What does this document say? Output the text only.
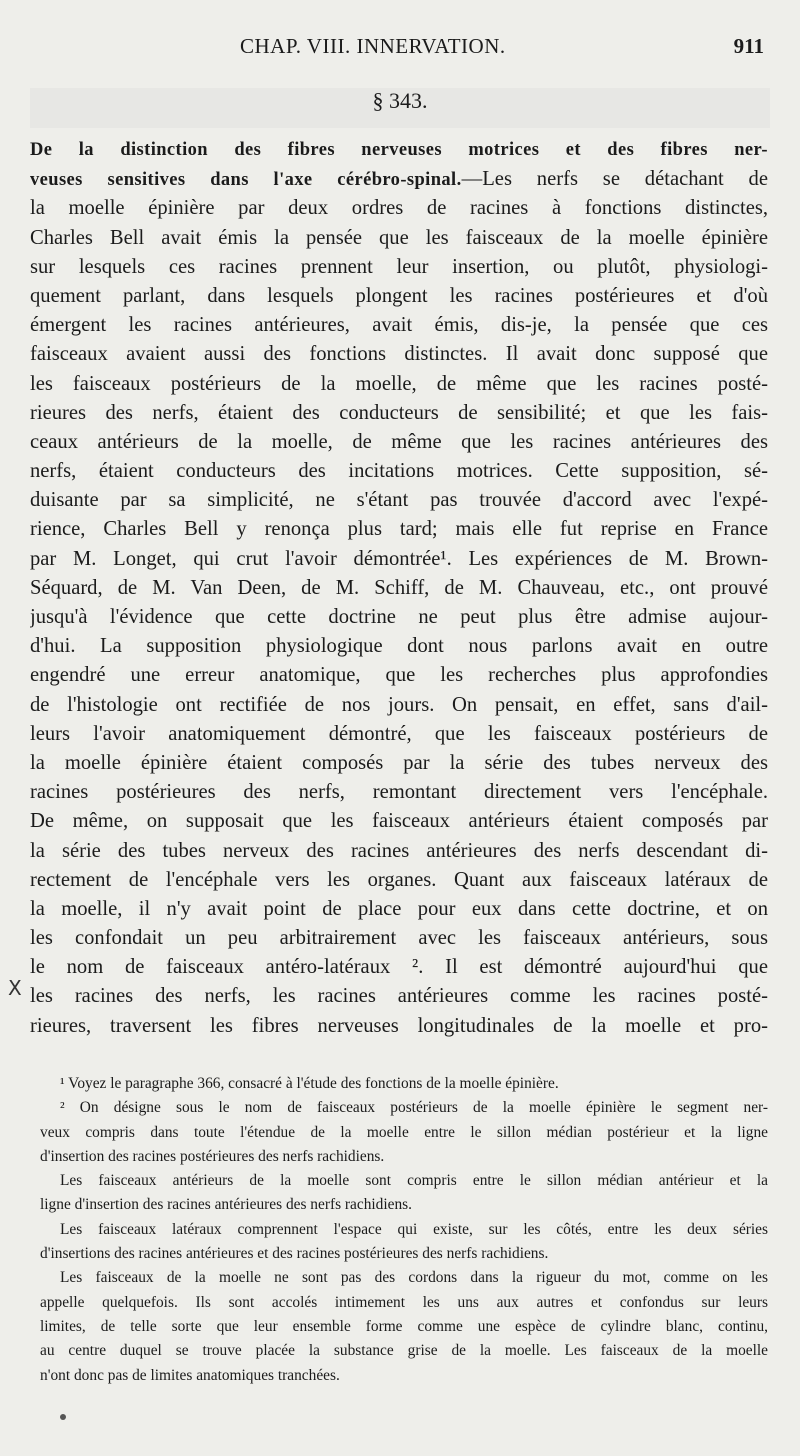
CHAP. VIII. INNERVATION.	911
§ 343.
De la distinction des fibres nerveuses motrices et des fibres ner-
veuses sensitives dans l'axe cérébro-spinal.—Les nerfs se détachant de
la moelle épinière par deux ordres de racines à fonctions distinctes,
Charles Bell avait émis la pensée que les faisceaux de la moelle épinière
sur lesquels ces racines prennent leur insertion, ou plutôt, physiologi-
quement parlant, dans lesquels plongent les racines postérieures et d'où
émergent les racines antérieures, avait émis, dis-je, la pensée que ces
faisceaux avaient aussi des fonctions distinctes. Il avait donc supposé que
les faisceaux postérieurs de la moelle, de même que les racines posté-
rieures des nerfs, étaient des conducteurs de sensibilité; et que les fais-
ceaux antérieurs de la moelle, de même que les racines antérieures des
nerfs, étaient conducteurs des incitations motrices. Cette supposition, sé-
duisante par sa simplicité, ne s'étant pas trouvée d'accord avec l'expé-
rience, Charles Bell y renonça plus tard; mais elle fut reprise en France
par M. Longet, qui crut l'avoir démontrée¹. Les expériences de M. Brown-
Séquard, de M. Van Deen, de M. Schiff, de M. Chauveau, etc., ont prouvé
jusqu'à l'évidence que cette doctrine ne peut plus être admise aujour-
d'hui. La supposition physiologique dont nous parlons avait en outre
engendré une erreur anatomique, que les recherches plus approfondies
de l'histologie ont rectifiée de nos jours. On pensait, en effet, sans d'ail-
leurs l'avoir anatomiquement démontré, que les faisceaux postérieurs de
la moelle épinière étaient composés par la série des tubes nerveux des
racines postérieures des nerfs, remontant directement vers l'encéphale.
De même, on supposait que les faisceaux antérieurs étaient composés par
la série des tubes nerveux des racines antérieures des nerfs descendant di-
rectement de l'encéphale vers les organes. Quant aux faisceaux latéraux de
la moelle, il n'y avait point de place pour eux dans cette doctrine, et on
les confondait un peu arbitrairement avec les faisceaux antérieurs, sous
le nom de faisceaux antéro-latéraux ². Il est démontré aujourd'hui que
les racines des nerfs, les racines antérieures comme les racines posté-
rieures, traversent les fibres nerveuses longitudinales de la moelle et pro-
X
¹ Voyez le paragraphe 366, consacré à l'étude des fonctions de la moelle épinière.
² On désigne sous le nom de faisceaux postérieurs de la moelle épinière le segment ner-
veux compris dans toute l'étendue de la moelle entre le sillon médian postérieur et la ligne
d'insertion des racines postérieures des nerfs rachidiens.
Les faisceaux antérieurs de la moelle sont compris entre le sillon médian antérieur et la
ligne d'insertion des racines antérieures des nerfs rachidiens.
Les faisceaux latéraux comprennent l'espace qui existe, sur les côtés, entre les deux séries
d'insertions des racines antérieures et des racines postérieures des nerfs rachidiens.
Les faisceaux de la moelle ne sont pas des cordons dans la rigueur du mot, comme on les
appelle quelquefois. Ils sont accolés intimement les uns aux autres et confondus sur leurs
limites, de telle sorte que leur ensemble forme comme une espèce de cylindre blanc, continu,
au centre duquel se trouve placée la substance grise de la moelle. Les faisceaux de la moelle
n'ont donc pas de limites anatomiques tranchées.
